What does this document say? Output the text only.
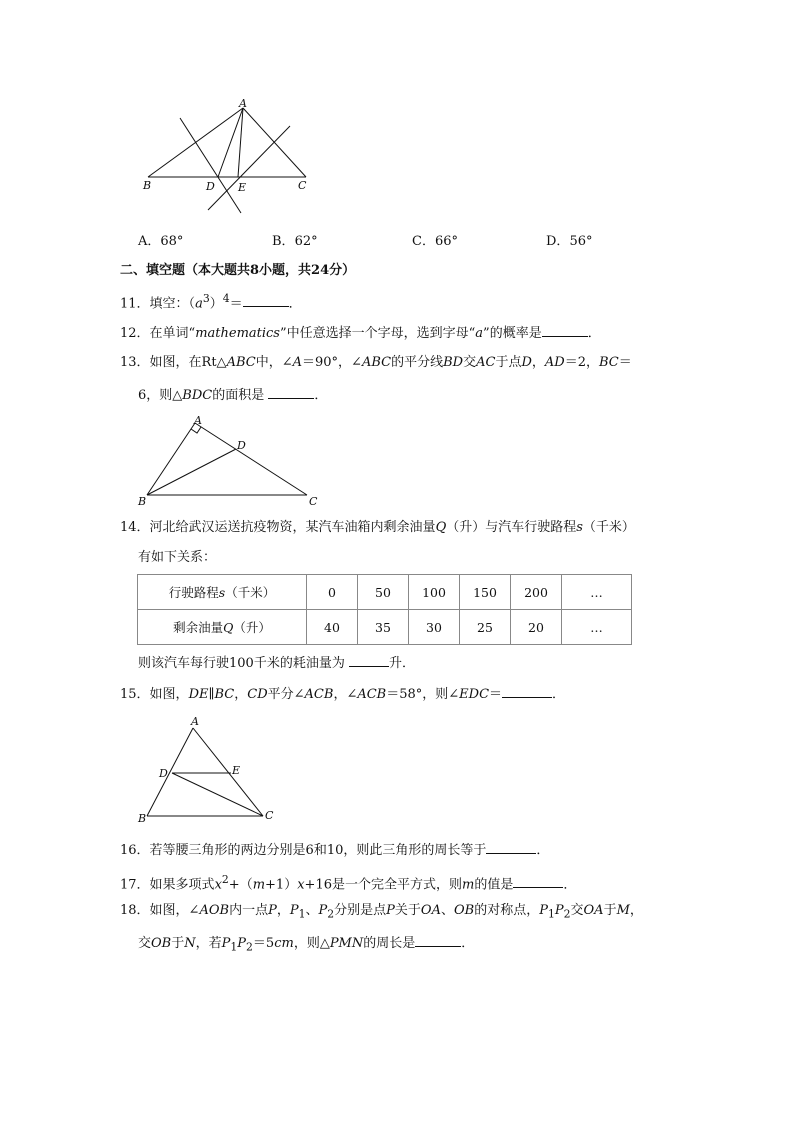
A
B	C
D E
A．68°	B．62°	C．66°	D．56°
二、填空题（本大题共8小题，共24分）
11．填空：$(a^3)^4=$	．
12．在单词“mathematics”中任意选择一个字母，选到字母“a”的概率是	．
13．如图，在Rt△ABC中，∠A＝90°，∠ABC的平分线BD交AC于点D，AD＝2，BC＝
6，则△BDC的面积是	．
A
B	C
D
14．河北给武汉运送抗疫物资，某汽车油箱内剩余油量Q（升）与汽车行驶路程s（千米）
有如下关系：
行驶路程s（千米）	0	50	100	150	200	…
剩余油量Q（升）	40	35	30	25	20	…
则该汽车每行驶100千米的耗油量为	升．
15．如图，DE∥BC，CD平分∠ACB，∠ACB＝58°，则∠EDC＝	．
A
B	C
D	E
16．若等腰三角形的两边分别是6和10，则此三角形的周长等于	．
17．如果多项式$x^2+(m+1)x+16$是一个完全平方式，则m的值是	．
18．如图，∠AOB内一点P，$P_1$、$P_2$分别是点P关于OA、OB的对称点，$P_1P_2$交OA于M，
交OB于N，若$P_1P_2=5cm$，则△PMN的周长是	．
